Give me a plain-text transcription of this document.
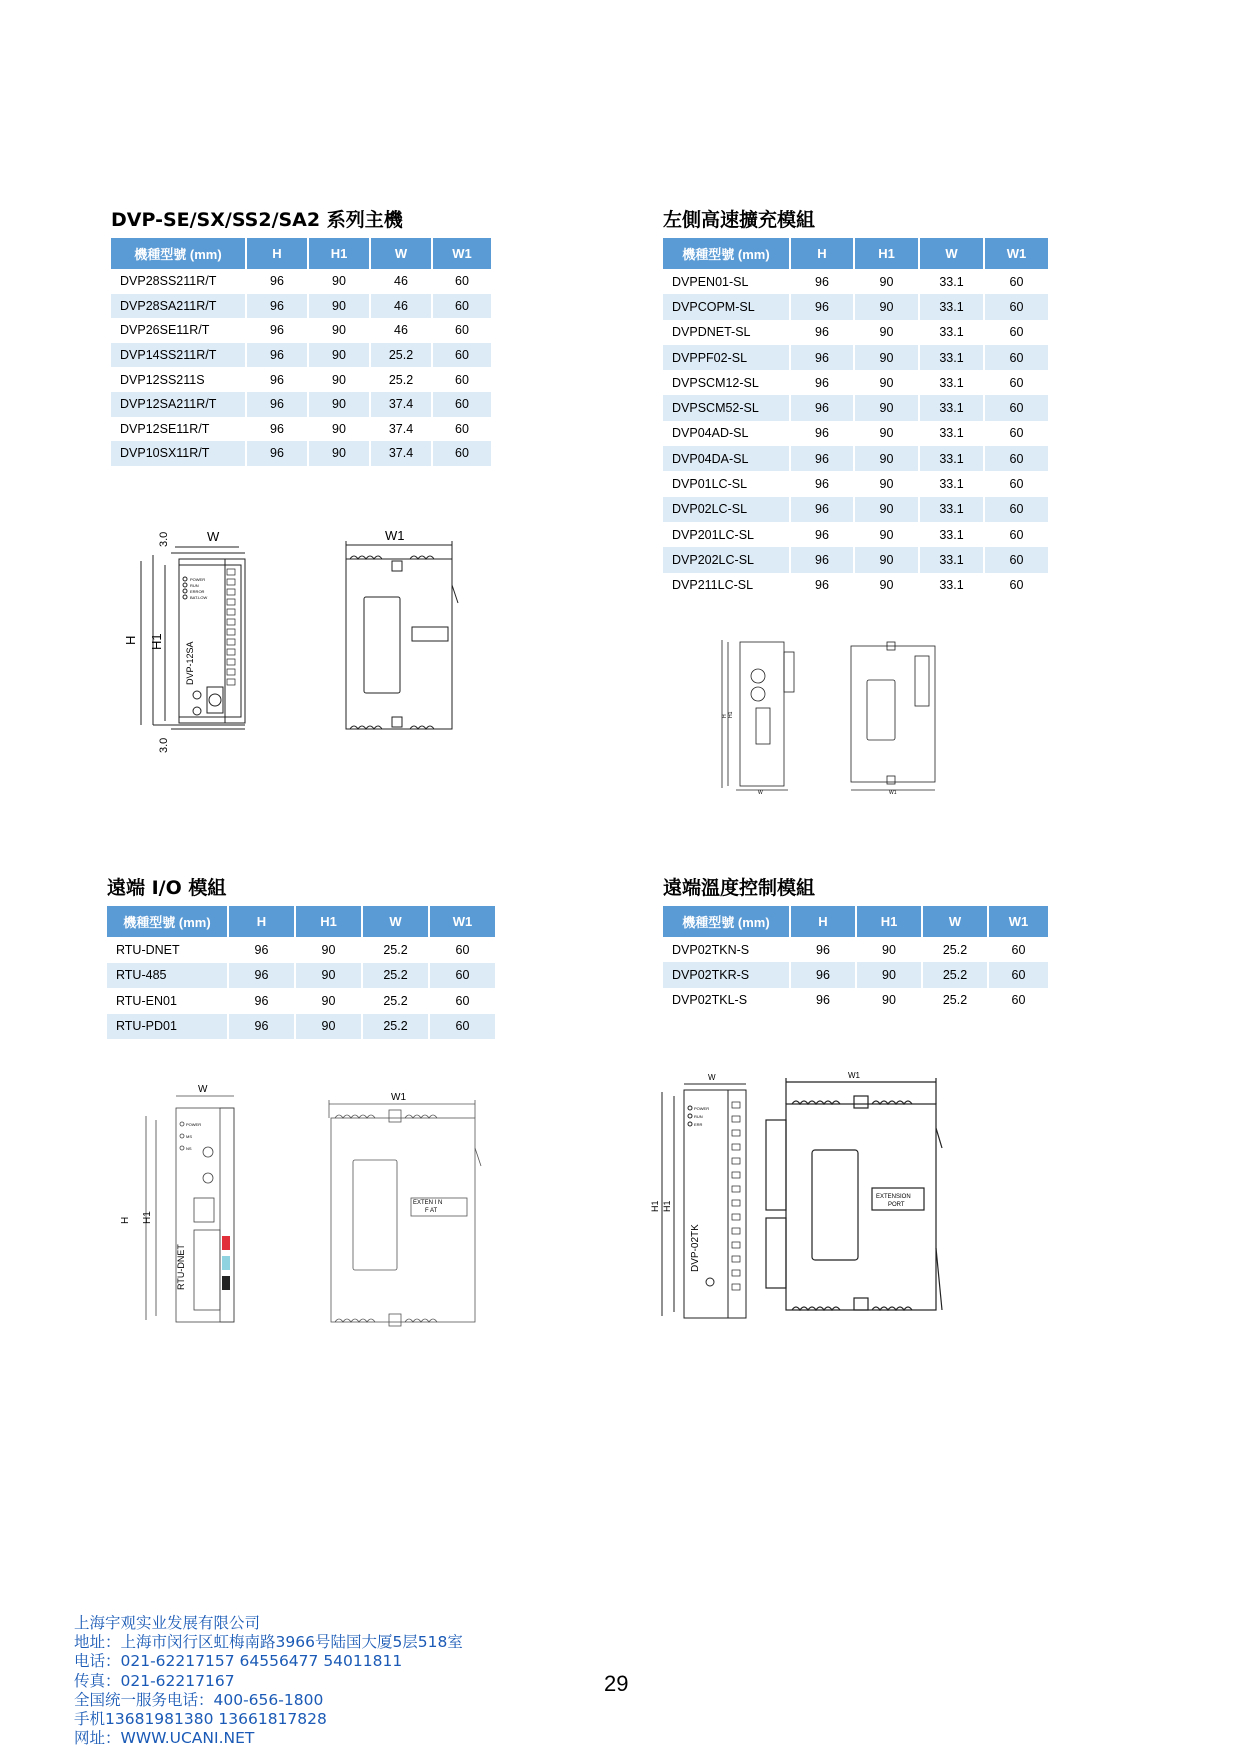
DVP-SE/SX/SS2/SA2 系列主機
機種型號 (mm)	H	H1	W	W1
DVP28SS211R/T	96	90	46	60
DVP28SA211R/T	96	90	46	60
DVP26SE11R/T	96	90	46	60
DVP14SS211R/T	96	90	25.2	60
DVP12SS211S	96	90	25.2	60
DVP12SA211R/T	96	90	37.4	60
DVP12SE11R/T	96	90	37.4	60
DVP10SX11R/T	96	90	37.4	60
左側高速擴充模組
機種型號 (mm)	H	H1	W	W1
DVPEN01-SL	96	90	33.1	60
DVPCOPM-SL	96	90	33.1	60
DVPDNET-SL	96	90	33.1	60
DVPPF02-SL	96	90	33.1	60
DVPSCM12-SL	96	90	33.1	60
DVPSCM52-SL	96	90	33.1	60
DVP04AD-SL	96	90	33.1	60
DVP04DA-SL	96	90	33.1	60
DVP01LC-SL	96	90	33.1	60
DVP02LC-SL	96	90	33.1	60
DVP201LC-SL	96	90	33.1	60
DVP202LC-SL	96	90	33.1	60
DVP211LC-SL	96	90	33.1	60
遠端 I/O 模組
機種型號 (mm)	H	H1	W	W1
RTU-DNET	96	90	25.2	60
RTU-485	96	90	25.2	60
RTU-EN01	96	90	25.2	60
RTU-PD01	96	90	25.2	60
遠端溫度控制模組
機種型號 (mm)	H	H1	W	W1
DVP02TKN-S	96	90	25.2	60
DVP02TKR-S	96	90	25.2	60
DVP02TKL-S	96	90	25.2	60
W
3.0
H H1
POWER
RUN
ERROR
BAT.LOW
DVP-12SA
3.0
W1
H H1
W	W1
W
H H1
POWER
MS
NS
RTU-DNET
W1
EXTEN I N
F AT
W
H1 H1
POWER
RUN
ERR
DVP-02TK
W1
EXTENSION
PORT
上海宇观实业发展有限公司
地址：上海市闵行区虹梅南路3966号陆国大厦5层518室
电话：021-62217157 64556477 54011811
传真：021-62217167
全国统一服务电话：400-656-1800
手机13681981380 13661817828
网址：WWW.UCANI.NET
29
